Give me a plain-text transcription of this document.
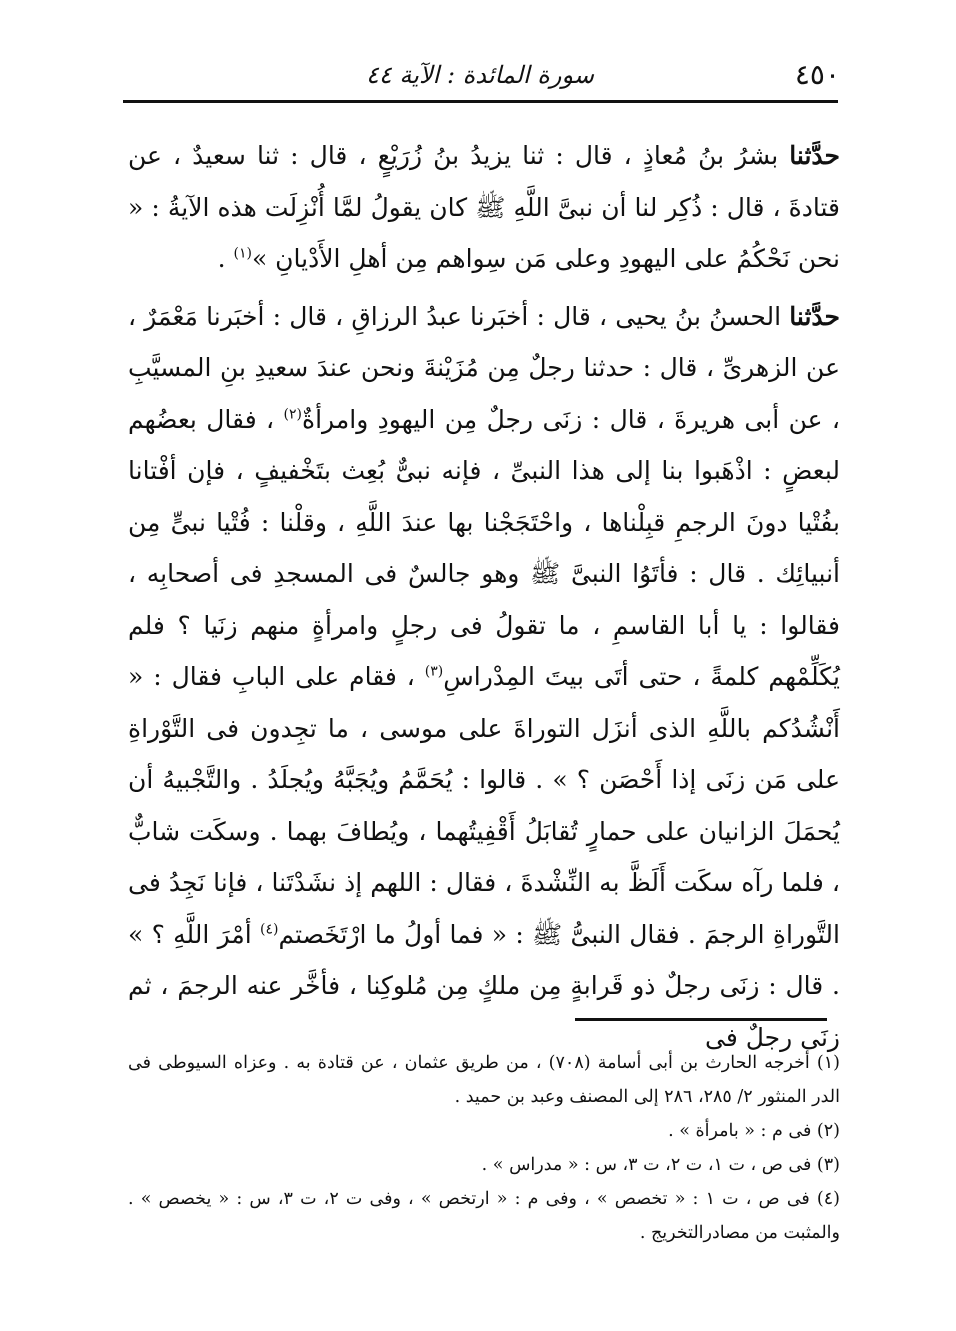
٤٥٠
سورة المائدة : الآية ٤٤

حدَّثنا بشرُ بنُ مُعاذٍ ، قال : ثنا يزيدُ بنُ زُرَيْعٍ ، قال : ثنا سعيدٌ ، عن قتادةَ ، قال : ذُكِر لنا أن نبىَّ اللَّهِ ﷺ كان يقولُ لمَّا أُنْزِلَت هذه الآيةُ : « نحن نَحْكُمُ على اليهودِ وعلى مَن سِواهم مِن أهلِ الأَدْيانِ »$^{(١)}$ .

حدَّثنا الحسنُ بنُ يحيى ، قال : أخبَرنا عبدُ الرزاقِ ، قال : أخبَرنا مَعْمَرٌ ، عن الزهرىِّ ، قال : حدثنا رجلٌ مِن مُزَيْنةَ ونحن عندَ سعيدِ بنِ المسيَّبِ ، عن أبى هريرةَ ، قال : زنَى رجلٌ مِن اليهودِ وامرأةٌ$^{(٢)}$ ، فقال بعضُهم لبعضٍ : اذْهَبوا بنا إلى هذا النبىِّ ، فإنه نبىٌّ بُعِث بتَخْفيفٍ ، فإن أفْتانا بفُتْيا دونَ الرجمِ قبِلْناها ، واحْتَجَجْنا بها عندَ اللَّهِ ، وقلْنا : فُتْيا نبىٍّ مِن أنبيائِك . قال : فأتَوُا النبىَّ ﷺ وهو جالسٌ فى المسجدِ فى أصحابِه ، فقالوا : يا أبا القاسمِ ، ما تقولُ فى رجلٍ وامرأةٍ منهم زنَيا ؟ فلم يُكَلِّمْهم كلمةً ، حتى أتَى بيتَ المِدْراسِ$^{(٣)}$ ، فقام على البابِ فقال : « أَنْشُدُكم باللَّهِ الذى أنزَل التوراةَ على موسى ، ما تجِدون فى التَّوْراةِ على مَن زنَى إذا أَحْصَن ؟ » . قالوا : يُحَمَّمُ ويُجَبَّهُ ويُجلَدُ . والتَّجْبيهُ أن يُحمَلَ الزانيان على حمارٍ تُقابَلُ أَقْفِيتُهما ، ويُطافَ بهما . وسكَت شابٌّ ، فلما رآه سكَت أَلَظَّ به النِّشْدةَ ، فقال : اللهم إذ نشَدْتَنا ، فإنا نَجِدُ فى التَّوراةِ الرجمَ . فقال النبىُّ ﷺ : « فما أولُ ما ارْتَخَصتم$^{(٤)}$ أمْرَ اللَّهِ ؟ » . قال : زنَى رجلٌ ذو قَرابةٍ مِن ملكٍ مِن مُلوكِنا ، فأخَّر عنه الرجمَ ، ثم زنَى رجلٌ فى

(١) أخرجه الحارث بن أبى أسامة (٧٠٨) ، من طريق عثمان ، عن قتادة به . وعزاه السيوطى فى الدر المنثور ٢/ ٢٨٥، ٢٨٦ إلى المصنف وعبد بن حميد .

(٢) فى م : « بامرأة » .

(٣) فى ص ، ت ١، ت ٢، ت ٣، س : « مدراس » .

(٤) فى ص ، ت ١ : « تخصص » ، وفى م : « ارتخص » ، وفى ت ٢، ت ٣، س : « يخصص » . والمثبت من مصادرالتخريج .
